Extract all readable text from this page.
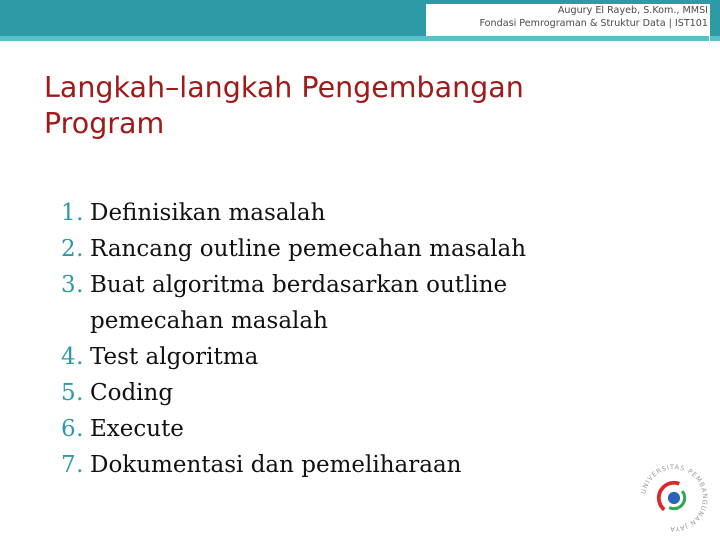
Augury El Rayeb, S.Kom., MMSI
Fondasi Pemrograman & Struktur Data | IST101
Langkah–langkah Pengembangan Program
1. Definisikan masalah
2. Rancang outline pemecahan masalah
3. Buat algoritma berdasarkan outline pemecahan masalah
4. Test algoritma
5. Coding
6. Execute
7. Dokumentasi dan pemeliharaan
UNIVERSITAS PEMBANGUNAN JAYA
